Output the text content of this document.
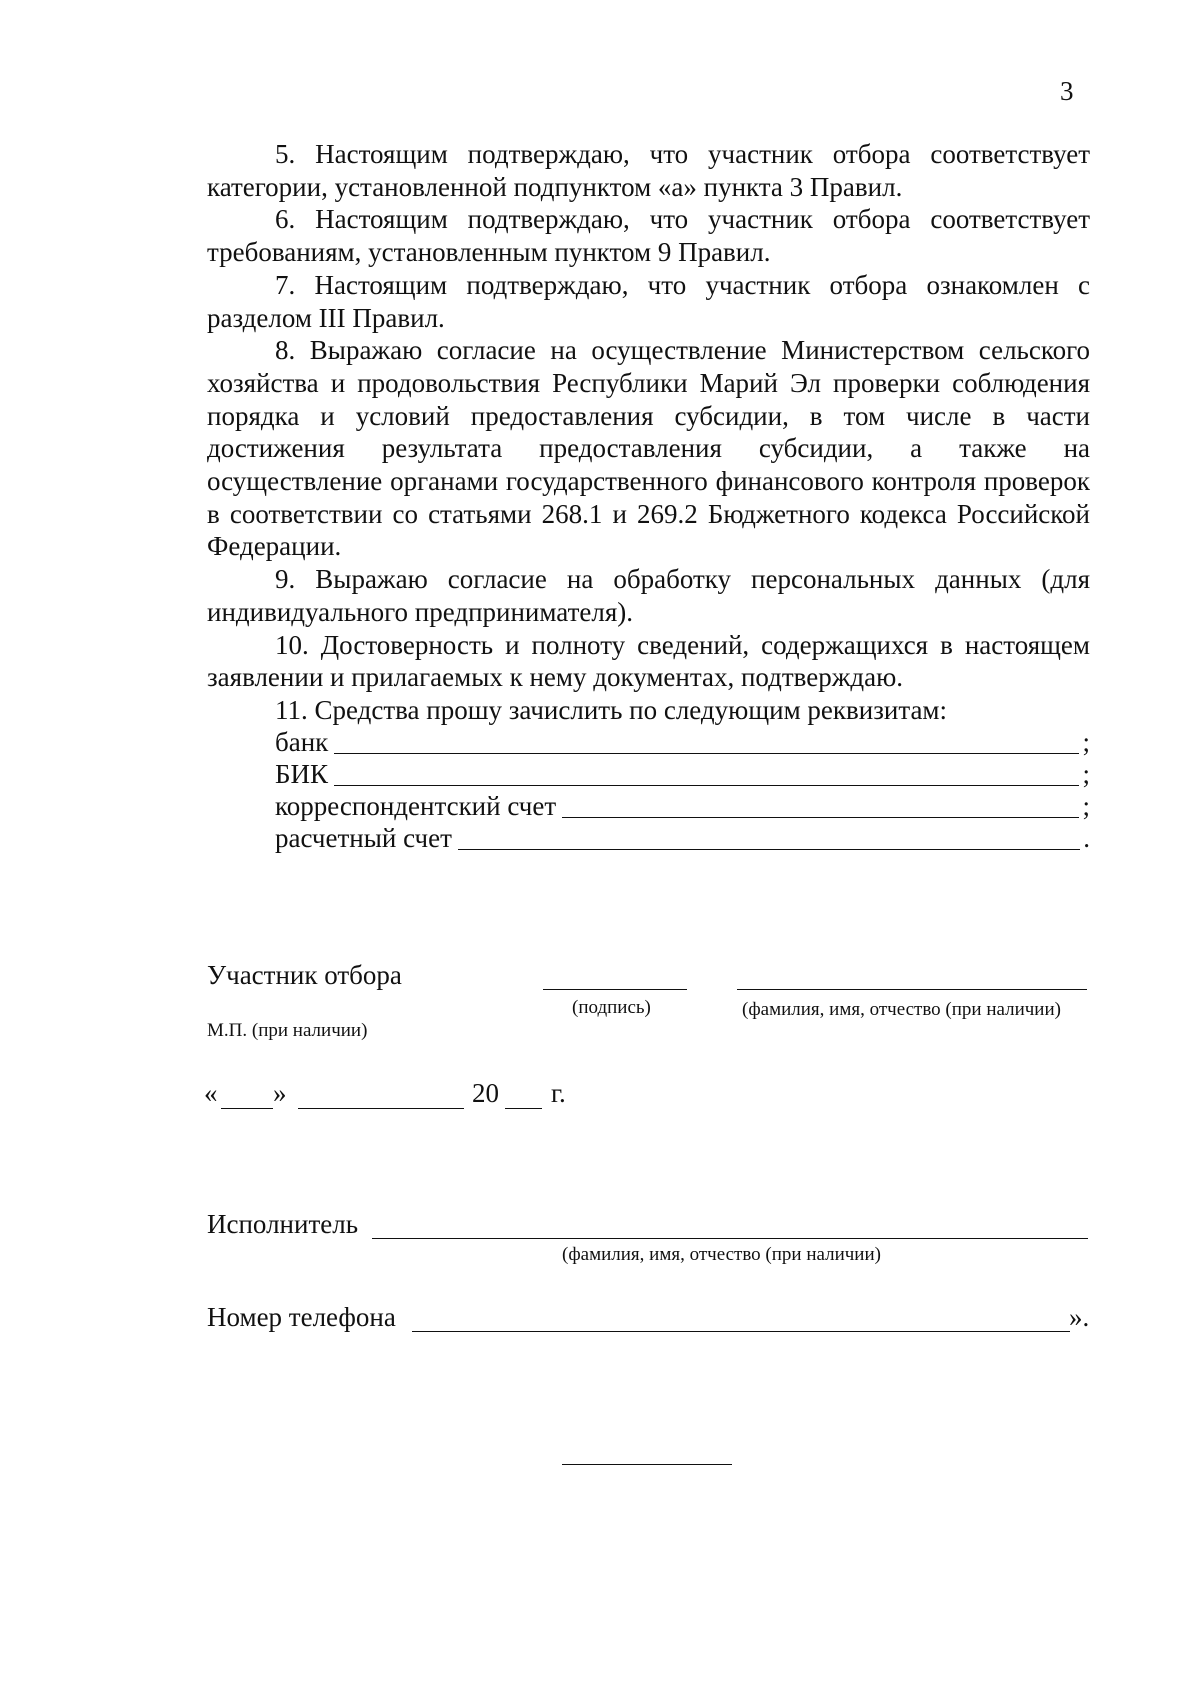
3

5. Настоящим подтверждаю, что участник отбора соответствует категории, установленной подпунктом «а» пункта 3 Правил.

6. Настоящим подтверждаю, что участник отбора соответствует требованиям, установленным пунктом 9 Правил.

7. Настоящим подтверждаю, что участник отбора ознакомлен с разделом III Правил.

8. Выражаю согласие на осуществление Министерством сельского хозяйства и продовольствия Республики Марий Эл проверки соблюдения порядка и условий предоставления субсидии, в том числе в части достижения результата предоставления субсидии, а также на осуществление органами государственного финансового контроля проверок в соответствии со статьями 268.1 и 269.2 Бюджетного кодекса Российской Федерации.

9. Выражаю согласие на обработку персональных данных (для индивидуального предпринимателя).

10. Достоверность и полноту сведений, содержащихся в настоящем заявлении и прилагаемых к нему документах, подтверждаю.

11. Средства прошу зачислить по следующим реквизитам:

банк	;
БИК	;
корреспондентский счет	;
расчетный счет	.
Участник отбора
(подпись)	(фамилия, имя, отчество (при наличии)
М.П. (при наличии)
« »	20 г.
Исполнитель
(фамилия, имя, отчество (при наличии)
Номер телефона	».
